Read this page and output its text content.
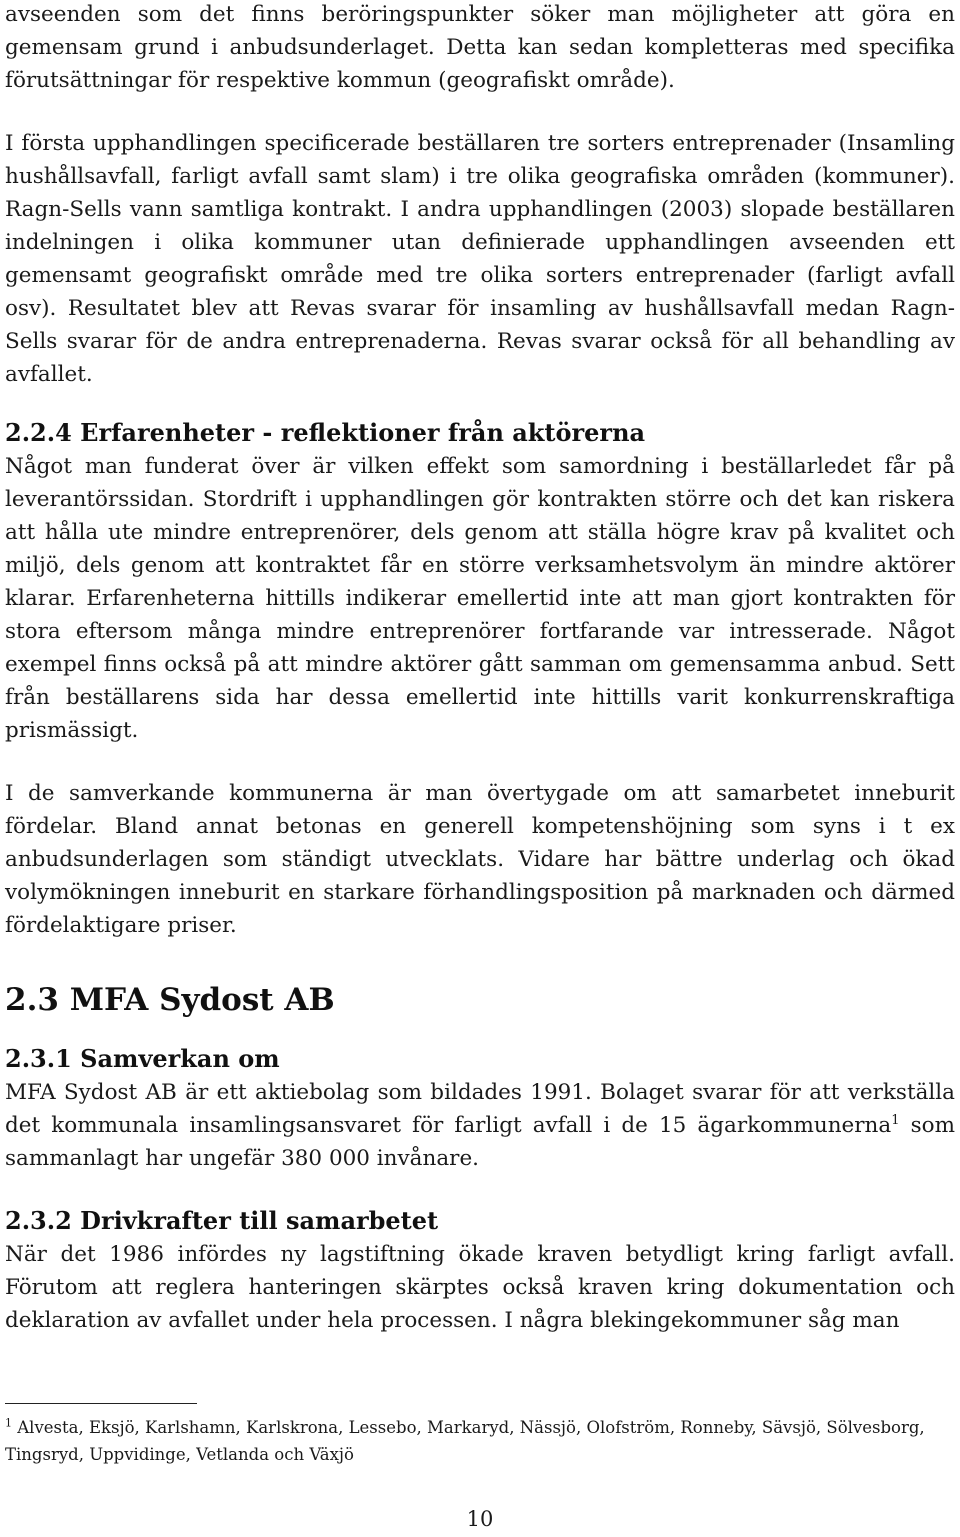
avseenden som det finns beröringspunkter söker man möjligheter att göra en gemensam grund i anbudsunderlaget. Detta kan sedan kompletteras med specifika förutsättningar för respektive kommun (geografiskt område).

I första upphandlingen specificerade beställaren tre sorters entreprenader (Insamling hushållsavfall, farligt avfall samt slam) i tre olika geografiska områden (kommuner). Ragn-Sells vann samtliga kontrakt. I andra upphandlingen (2003) slopade beställaren indelningen i olika kommuner utan definierade upphandlingen avseenden ett gemensamt geografiskt område med tre olika sorters entreprenader (farligt avfall osv). Resultatet blev att Revas svarar för insamling av hushållsavfall medan Ragn-Sells svarar för de andra entreprenaderna. Revas svarar också för all behandling av avfallet.

2.2.4 Erfarenheter - reflektioner från aktörerna

Något man funderat över är vilken effekt som samordning i beställarledet får på leverantörssidan. Stordrift i upphandlingen gör kontrakten större och det kan riskera att hålla ute mindre entreprenörer, dels genom att ställa högre krav på kvalitet och miljö, dels genom att kontraktet får en större verksamhetsvolym än mindre aktörer klarar. Erfarenheterna hittills indikerar emellertid inte att man gjort kontrakten för stora eftersom många mindre entreprenörer fortfarande var intresserade. Något exempel finns också på att mindre aktörer gått samman om gemensamma anbud. Sett från beställarens sida har dessa emellertid inte hittills varit konkurrenskraftiga prismässigt.

I de samverkande kommunerna är man övertygade om att samarbetet inneburit fördelar. Bland annat betonas en generell kompetenshöjning som syns i t ex anbudsunderlagen som ständigt utvecklats. Vidare har bättre underlag och ökad volymökningen inneburit en starkare förhandlingsposition på marknaden och därmed fördelaktigare priser.

2.3 MFA Sydost AB
2.3.1 Samverkan om

MFA Sydost AB är ett aktiebolag som bildades 1991. Bolaget svarar för att verkställa det kommunala insamlingsansvaret för farligt avfall i de 15 ägarkommunerna$^1$ som sammanlagt har ungefär 380 000 invånare.

2.3.2 Drivkrafter till samarbetet

När det 1986 infördes ny lagstiftning ökade kraven betydligt kring farligt avfall. Förutom att reglera hanteringen skärptes också kraven kring dokumentation och deklaration av avfallet under hela processen. I några blekingekommuner såg man

$^1$ Alvesta, Eksjö, Karlshamn, Karlskrona, Lessebo, Markaryd, Nässjö, Olofström, Ronneby, Sävsjö, Sölvesborg, Tingsryd, Uppvidinge, Vetlanda och Växjö
10
